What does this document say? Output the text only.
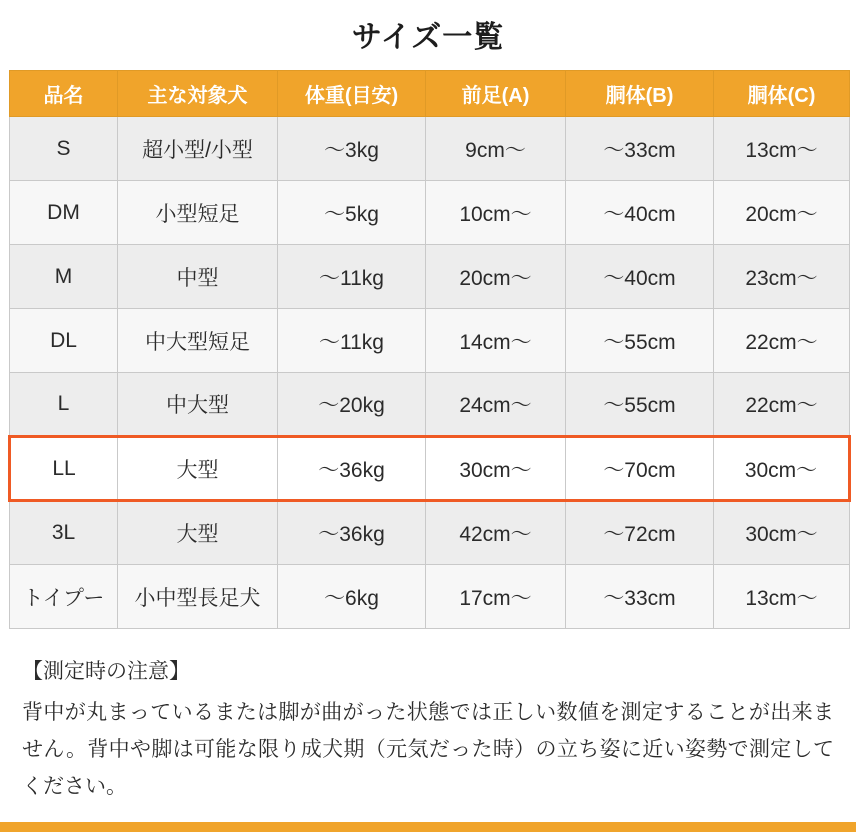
サイズ一覧
品名	主な対象犬	体重(目安)	前足(A)	胴体(B)	胴体(C)
S	超小型/小型	〜3kg	9cm〜	〜33cm	13cm〜
DM	小型短足	〜5kg	10cm〜	〜40cm	20cm〜
M	中型	〜11kg	20cm〜	〜40cm	23cm〜
DL	中大型短足	〜11kg	14cm〜	〜55cm	22cm〜
L	中大型	〜20kg	24cm〜	〜55cm	22cm〜
LL	大型	〜36kg	30cm〜	〜70cm	30cm〜
3L	大型	〜36kg	42cm〜	〜72cm	30cm〜
トイプー	小中型長足犬	〜6kg	17cm〜	〜33cm	13cm〜
【測定時の注意】
背中が丸まっているまたは脚が曲がった状態では正しい数値を測定することが出来ません。背中や脚は可能な限り成犬期（元気だった時）の立ち姿に近い姿勢で測定してください。
